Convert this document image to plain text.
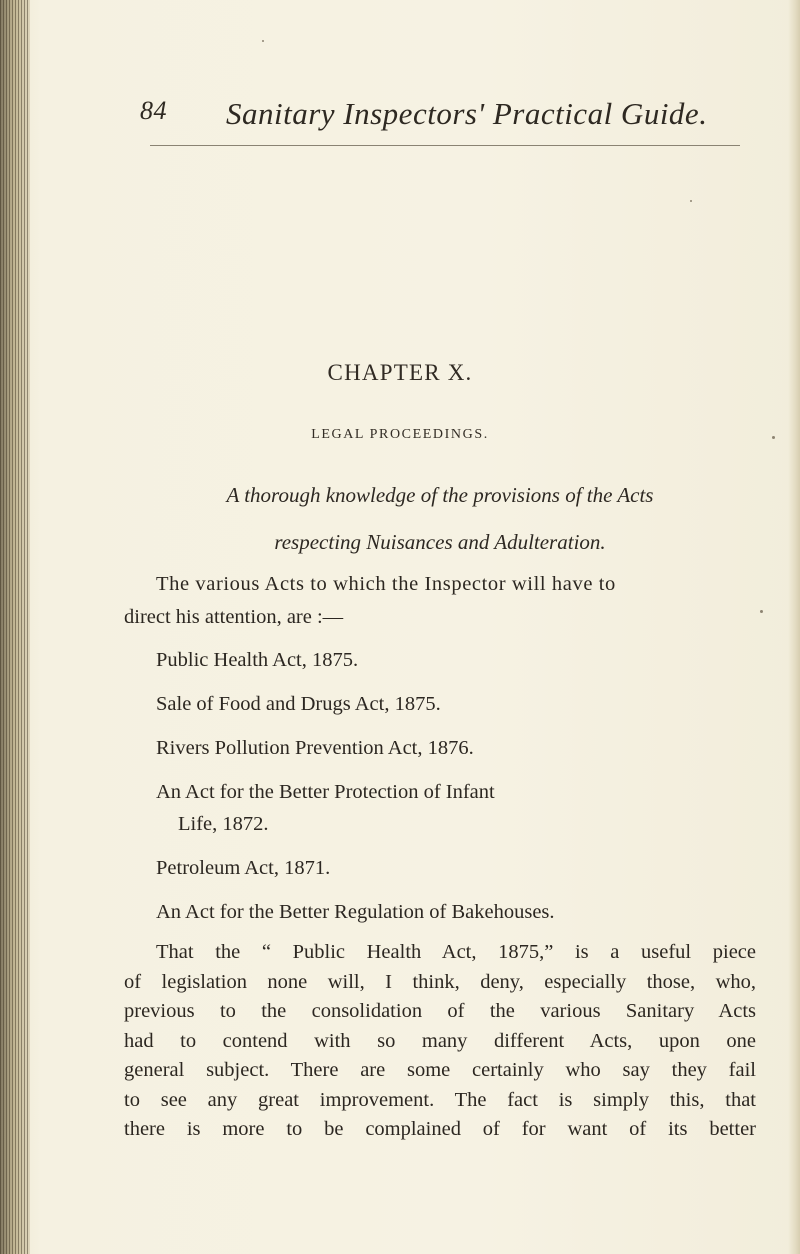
84 Sanitary Inspectors' Practical Guide.
CHAPTER X.
LEGAL PROCEEDINGS.
A thorough knowledge of the provisions of the Acts
respecting Nuisances and Adulteration.
The various Acts to which the Inspector will have to
direct his attention, are :—
Public Health Act, 1875.
Sale of Food and Drugs Act, 1875.
Rivers Pollution Prevention Act, 1876.
An Act for the Better Protection of Infant
Life, 1872.
Petroleum Act, 1871.
An Act for the Better Regulation of Bakehouses.
That the “ Public Health Act, 1875,” is a useful piece
of legislation none will, I think, deny, especially those, who,
previous to the consolidation of the various Sanitary Acts
had to contend with so many different Acts, upon one
general subject. There are some certainly who say they fail
to see any great improvement. The fact is simply this, that
there is more to be complained of for want of its better
